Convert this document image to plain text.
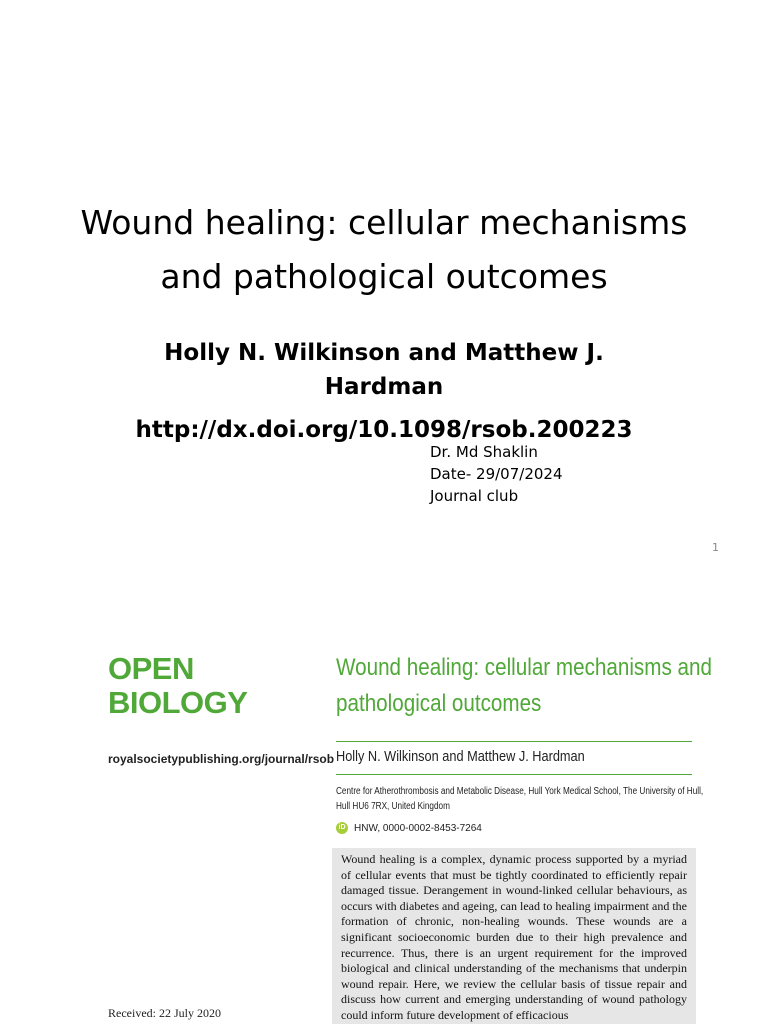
Wound healing: cellular mechanisms
and pathological outcomes
Holly N. Wilkinson and Matthew J.
Hardman
http://dx.doi.org/10.1098/rsob.200223
Dr. Md Shaklin
Date- 29/07/2024
Journal club
1
OPEN
BIOLOGY
royalsocietypublishing.org/journal/rsob
Received: 22 July 2020
Wound healing: cellular mechanisms and
pathological outcomes
Holly N. Wilkinson and Matthew J. Hardman
Centre for Atherothrombosis and Metabolic Disease, Hull York Medical School, The University of Hull,
Hull HU6 7RX, United Kingdom
iD HNW, 0000-0002-8453-7264
Wound healing is a complex, dynamic process supported by a myriad of cellular events that must be tightly coordinated to efficiently repair damaged tissue. Derangement in wound-linked cellular behaviours, as occurs with diabetes and ageing, can lead to healing impairment and the formation of chronic, non-healing wounds. These wounds are a significant socioeconomic burden due to their high prevalence and recurrence. Thus, there is an urgent requirement for the improved biological and clinical understanding of the mechanisms that underpin wound repair. Here, we review the cellular basis of tissue repair and discuss how current and emerging understanding of wound pathology could inform future development of efficacious
